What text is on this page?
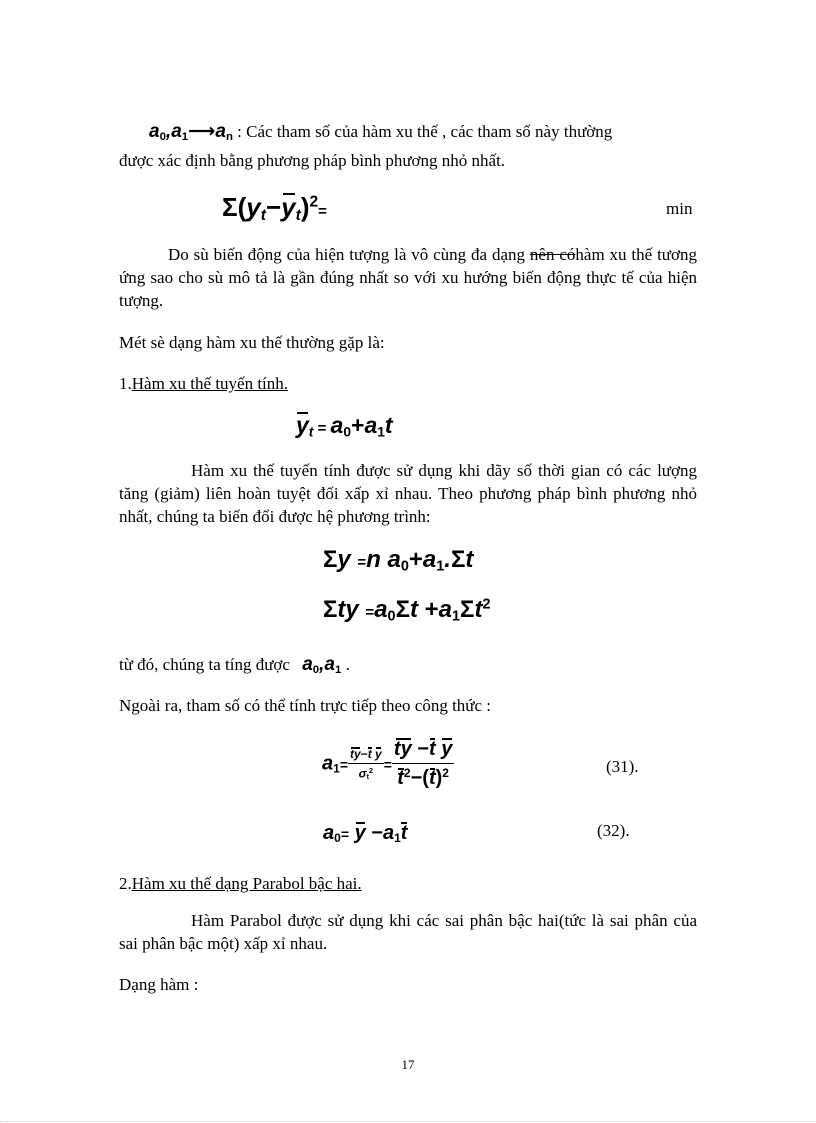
$a_0,a_1⟶a_n$ : Các tham số của hàm xu thế , các tham số này thường
được xác định bằng phương pháp bình phương nhỏ nhất.
$\Sigma(y_t-y_t)^2=$	min
Do sù biến động của hiện tượng là vô cùng đa dạng nên cóhàm xu thế tương ứng sao cho sù mô tả là gần đúng nhất so với xu hướng biến động thực tế của hiện tượng.
Mét sè dạng hàm xu thế thường gặp là:
1.Hàm xu thế tuyến tính.
$y_t = a_0+a_1t$
Hàm xu thế tuyến tính được sử dụng khi dãy số thời gian có các lượng tăng (giảm) liên hoàn tuyệt đối xấp xỉ nhau. Theo phương pháp bình phương nhỏ nhất, chúng ta biến đổi được hệ phương trình:
Σy =n $a_0+a_1.\Sigma t$
$\Sigma ty =a_0\Sigma t +a_1\Sigma t^2$
từ đó, chúng ta tíng được $a_0,a_1$ .
Ngoài ra, tham số có thể tính trực tiếp theo công thức :
$a_1= \frac{\text{ty−t y}}{\sigma_t^2} = \frac{\text{ty −t y}}{t^2-(t)^2}$	(31).
$a_0= y -a_1t$	(32).
2.Hàm xu thế dạng Parabol bậc hai.
Hàm Parabol được sử dụng khi các sai phân bậc hai(tức là sai phân của sai phân bậc một) xấp xỉ nhau.
Dạng hàm :
17
